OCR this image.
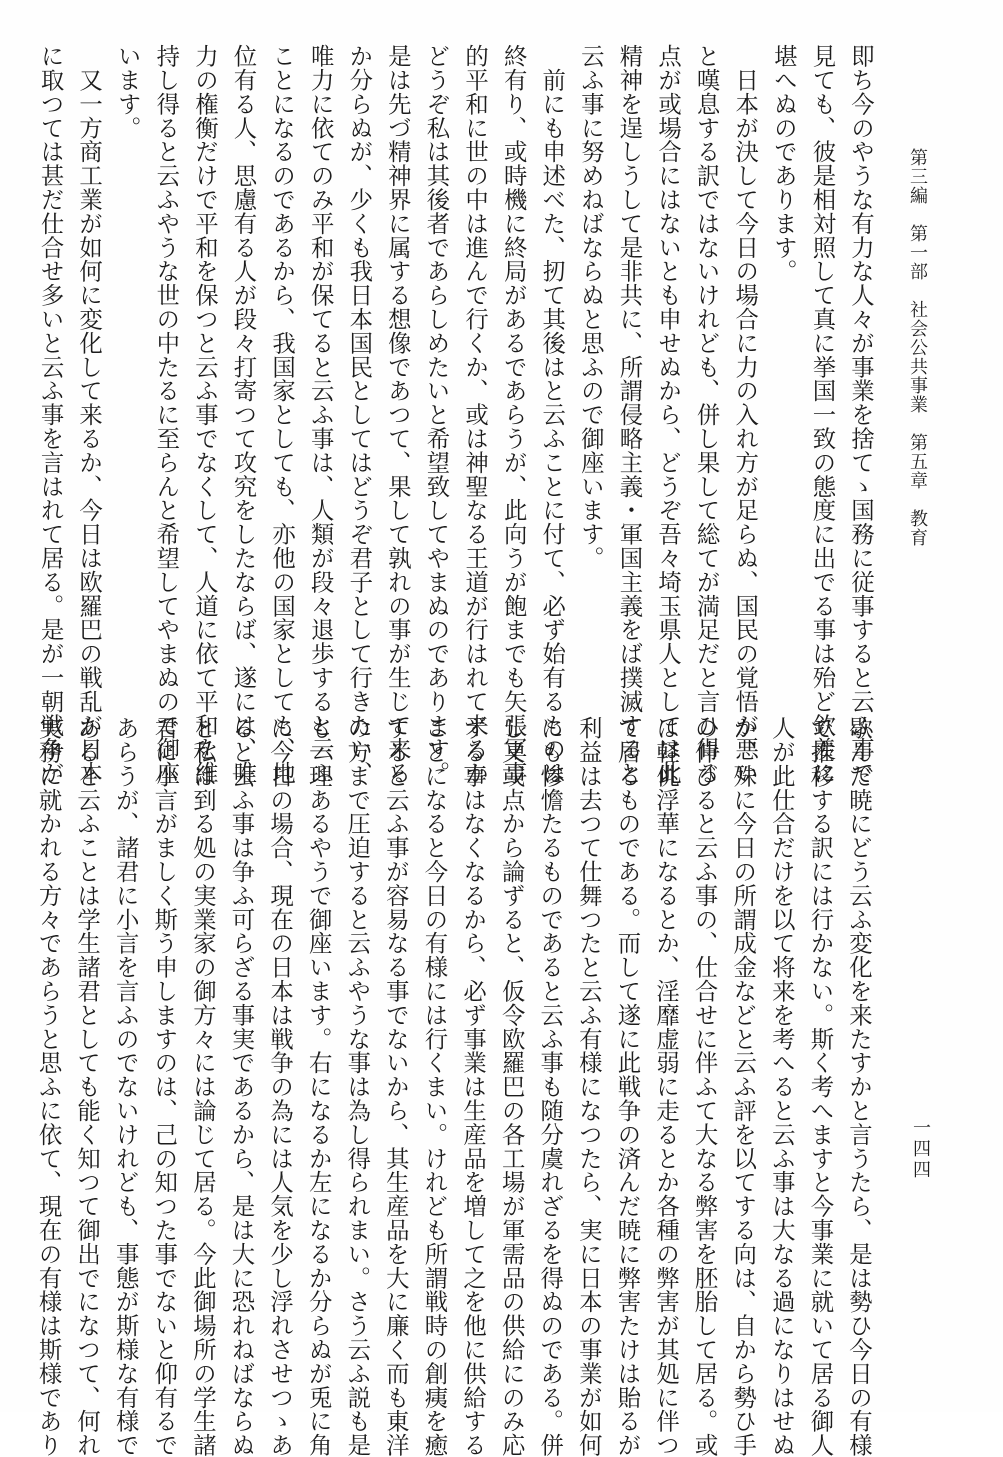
第三編　第一部　社会公共事業　第五章　教育
一四四
即ち今のやうな有力な人々が事業を捨てゝ国務に従事すると云ふ事で
見ても、彼是相対照して真に挙国一致の態度に出でる事は殆ど欽羨に
堪へぬのであります。
　日本が決して今日の場合に力の入れ方が足らぬ、国民の覚悟が悪い
と嘆息する訳ではないけれども、併し果して総てが満足だと言ひ得る
点が或場合にはないとも申せぬから、どうぞ吾々埼玉県人としては此
精神を逞しうして是非共に、所謂侵略主義・軍国主義をば撲滅すると
云ふ事に努めねばならぬと思ふので御座います。
　前にも申述べた、扨て其後はと云ふことに付て、必ず始有るものは
終有り、或時機に終局があるであらうが、此向うが飽までも矢張軍事
的平和に世の中は進んで行くか、或は神聖なる王道が行はれて来るか
どうぞ私は其後者であらしめたいと希望致してやまぬのであります。
是は先づ精神界に属する想像であつて、果して孰れの事が生じて来る
か分らぬが、少くも我日本国民としてはどうぞ君子として行きたい、
唯力に依てのみ平和が保てると云ふ事は、人類が段々退歩すると云ふ
ことになるのであるから、我国家としても、亦他の国家としても、地
位有る人、思慮有る人が段々打寄つて攻究をしたならば、遂には、唯
力の権衡だけで平和を保つと云ふ事でなくして、人道に依て平和を維
持し得ると云ふやうな世の中たるに至らんと希望してやまぬので御座
います。
　又一方商工業が如何に変化して来るか、今日は欧羅巴の戦乱が日本
に取つては甚だ仕合せ多いと云ふ事を言はれて居る。是が一朝戦争が
歇んだ暁にどう云ふ変化を来たすかと言うたら、是は勢ひ今日の有様
で推移する訳には行かない。斯く考へますと今事業に就いて居る御人
人が此仕合だけを以て将来を考へると云ふ事は大なる過になりはせぬ
か、殊に今日の所謂成金などと云ふ評を以てする向は、自から勢ひ手
の伸びると云ふ事の、仕合せに伴ふて大なる弊害を胚胎して居る。或
は軽佻浮華になるとか、淫靡虚弱に走るとか各種の弊害が其処に伴つ
て居るものである。而して遂に此戦争の済んだ暁に弊害たけは貽るが
利益は去つて仕舞つたと云ふ有様になつたら、実に日本の事業が如何
にも惨憺たるものであると云ふ事も随分虞れざるを得ぬのである。併
し又或点から論ずると、仮令欧羅巴の各工場が軍需品の供給にのみ応
ずる事はなくなるから、必ず事業は生産品を増して之を他に供給する
ことになると今日の有様には行くまい。けれども所謂戦時の創痍を癒
すると云ふ事が容易なる事でないから、其生産品を大に廉く而も東洋
の方まで圧迫すると云ふやうな事は為し得られまい。さう云ふ説も是
も一理あるやうで御座います。右になるか左になるか分らぬが兎に角
に今日の場合、現在の日本は戦争の為には人気を少し浮れさせつゝあ
ると云ふ事は争ふ可らざる事実であるから、是は大に恐れねばならぬ
と私は到る処の実業家の御方々には論じて居る。今此御場所の学生諸
君に小言がましく斯う申しますのは、己の知つた事でないと仰有るで
あらうが、諸君に小言を言ふのでないけれども、事態が斯様な有様で
あると云ふことは学生諸君としても能く知つて御出でになつて、何れ
実務に就かれる方々であらうと思ふに依て、現在の有様は斯様であり
